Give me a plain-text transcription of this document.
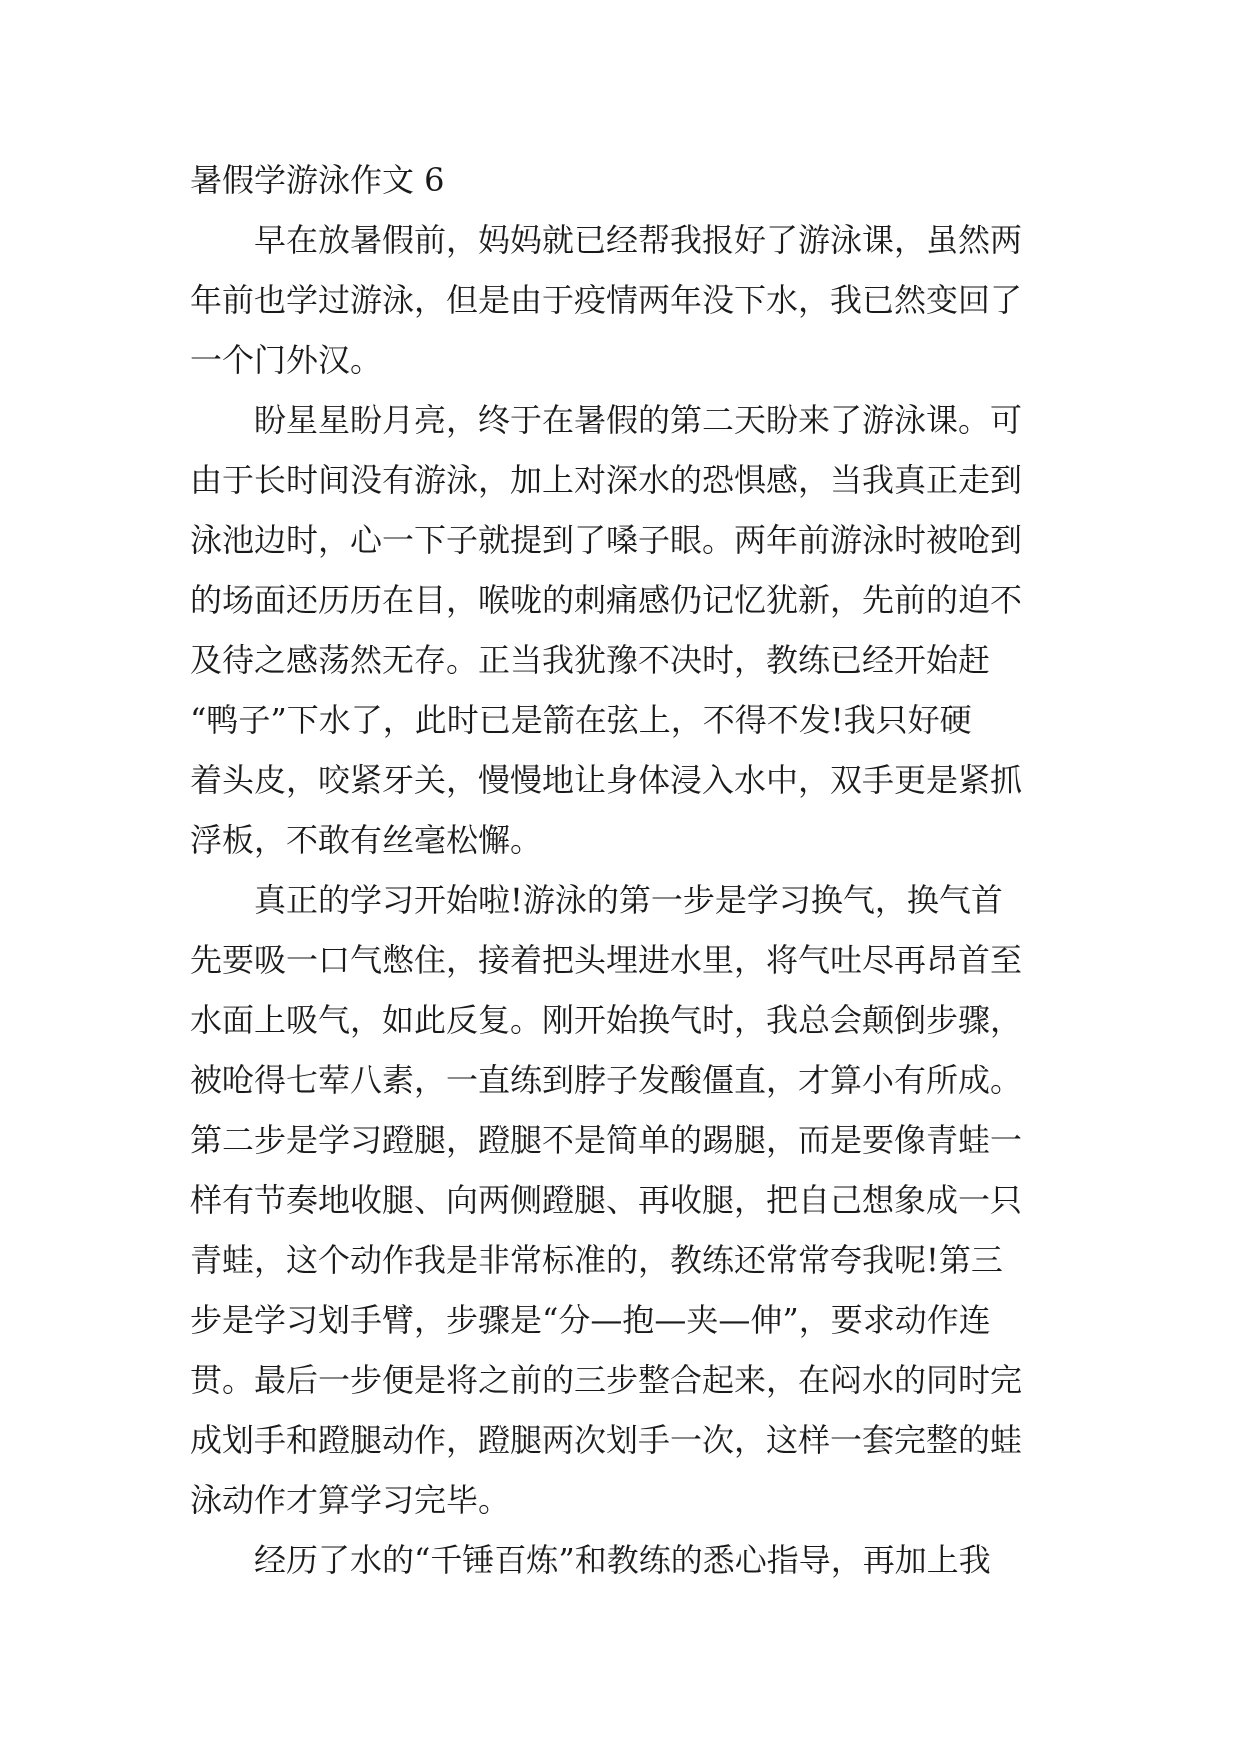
暑假学游泳作文 6
早在放暑假前，妈妈就已经帮我报好了游泳课，虽然两
年前也学过游泳，但是由于疫情两年没下水，我已然变回了
一个门外汉。
盼星星盼月亮，终于在暑假的第二天盼来了游泳课。可
由于长时间没有游泳，加上对深水的恐惧感，当我真正走到
泳池边时，心一下子就提到了嗓子眼。两年前游泳时被呛到
的场面还历历在目，喉咙的刺痛感仍记忆犹新，先前的迫不
及待之感荡然无存。正当我犹豫不决时，教练已经开始赶
“鸭子”下水了，此时已是箭在弦上，不得不发!我只好硬
着头皮，咬紧牙关，慢慢地让身体浸入水中，双手更是紧抓
浮板，不敢有丝毫松懈。
真正的学习开始啦!游泳的第一步是学习换气，换气首
先要吸一口气憋住，接着把头埋进水里，将气吐尽再昂首至
水面上吸气，如此反复。刚开始换气时，我总会颠倒步骤，
被呛得七荤八素，一直练到脖子发酸僵直，才算小有所成。
第二步是学习蹬腿，蹬腿不是简单的踢腿，而是要像青蛙一
样有节奏地收腿、向两侧蹬腿、再收腿，把自己想象成一只
青蛙，这个动作我是非常标准的，教练还常常夸我呢!第三
步是学习划手臂，步骤是“分—抱—夹—伸”，要求动作连
贯。最后一步便是将之前的三步整合起来，在闷水的同时完
成划手和蹬腿动作，蹬腿两次划手一次，这样一套完整的蛙
泳动作才算学习完毕。
经历了水的“千锤百炼”和教练的悉心指导，再加上我
